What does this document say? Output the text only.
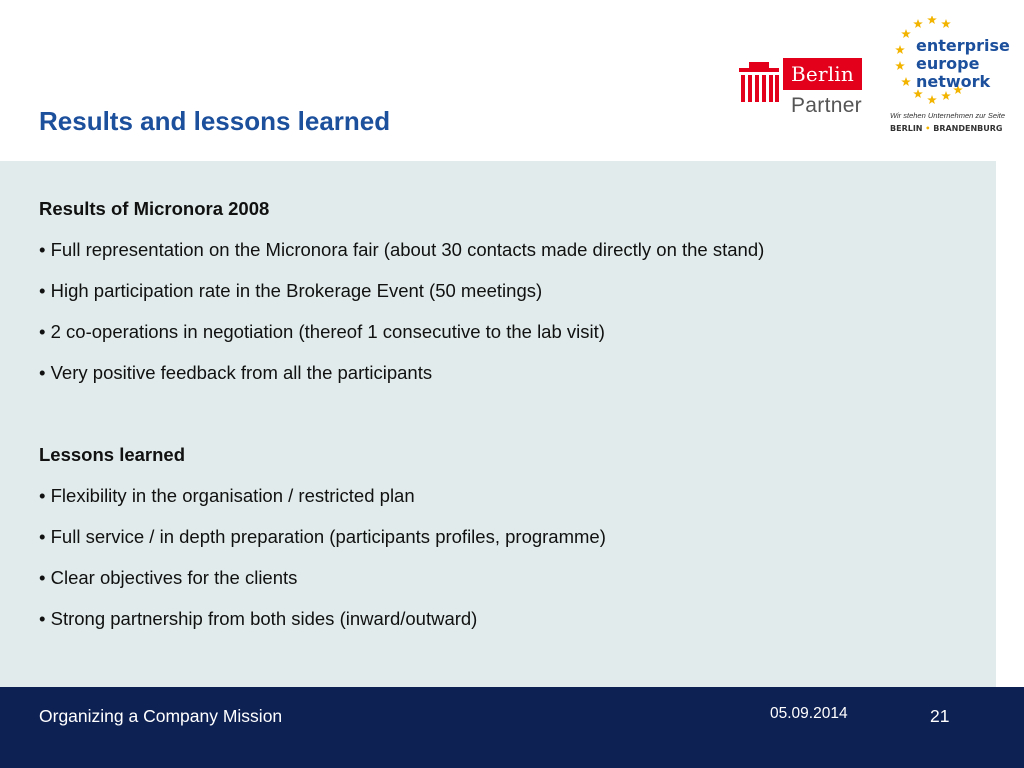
Results and lessons learned
Berlin
Partner
enterprise
europe
network
Wir stehen Unternehmen zur Seite
BERLIN • BRANDENBURG
Results of Micronora 2008
• Full representation on the Micronora fair (about 30 contacts made directly on the stand)
• High participation rate in the Brokerage Event (50 meetings)
• 2 co-operations in negotiation (thereof 1 consecutive to the lab visit)
• Very positive feedback from all the participants
Lessons learned
• Flexibility in the organisation / restricted plan
• Full service / in depth preparation (participants profiles, programme)
• Clear objectives for the clients
• Strong partnership from both sides (inward/outward)
Organizing a Company Mission	05.09.2014	21
